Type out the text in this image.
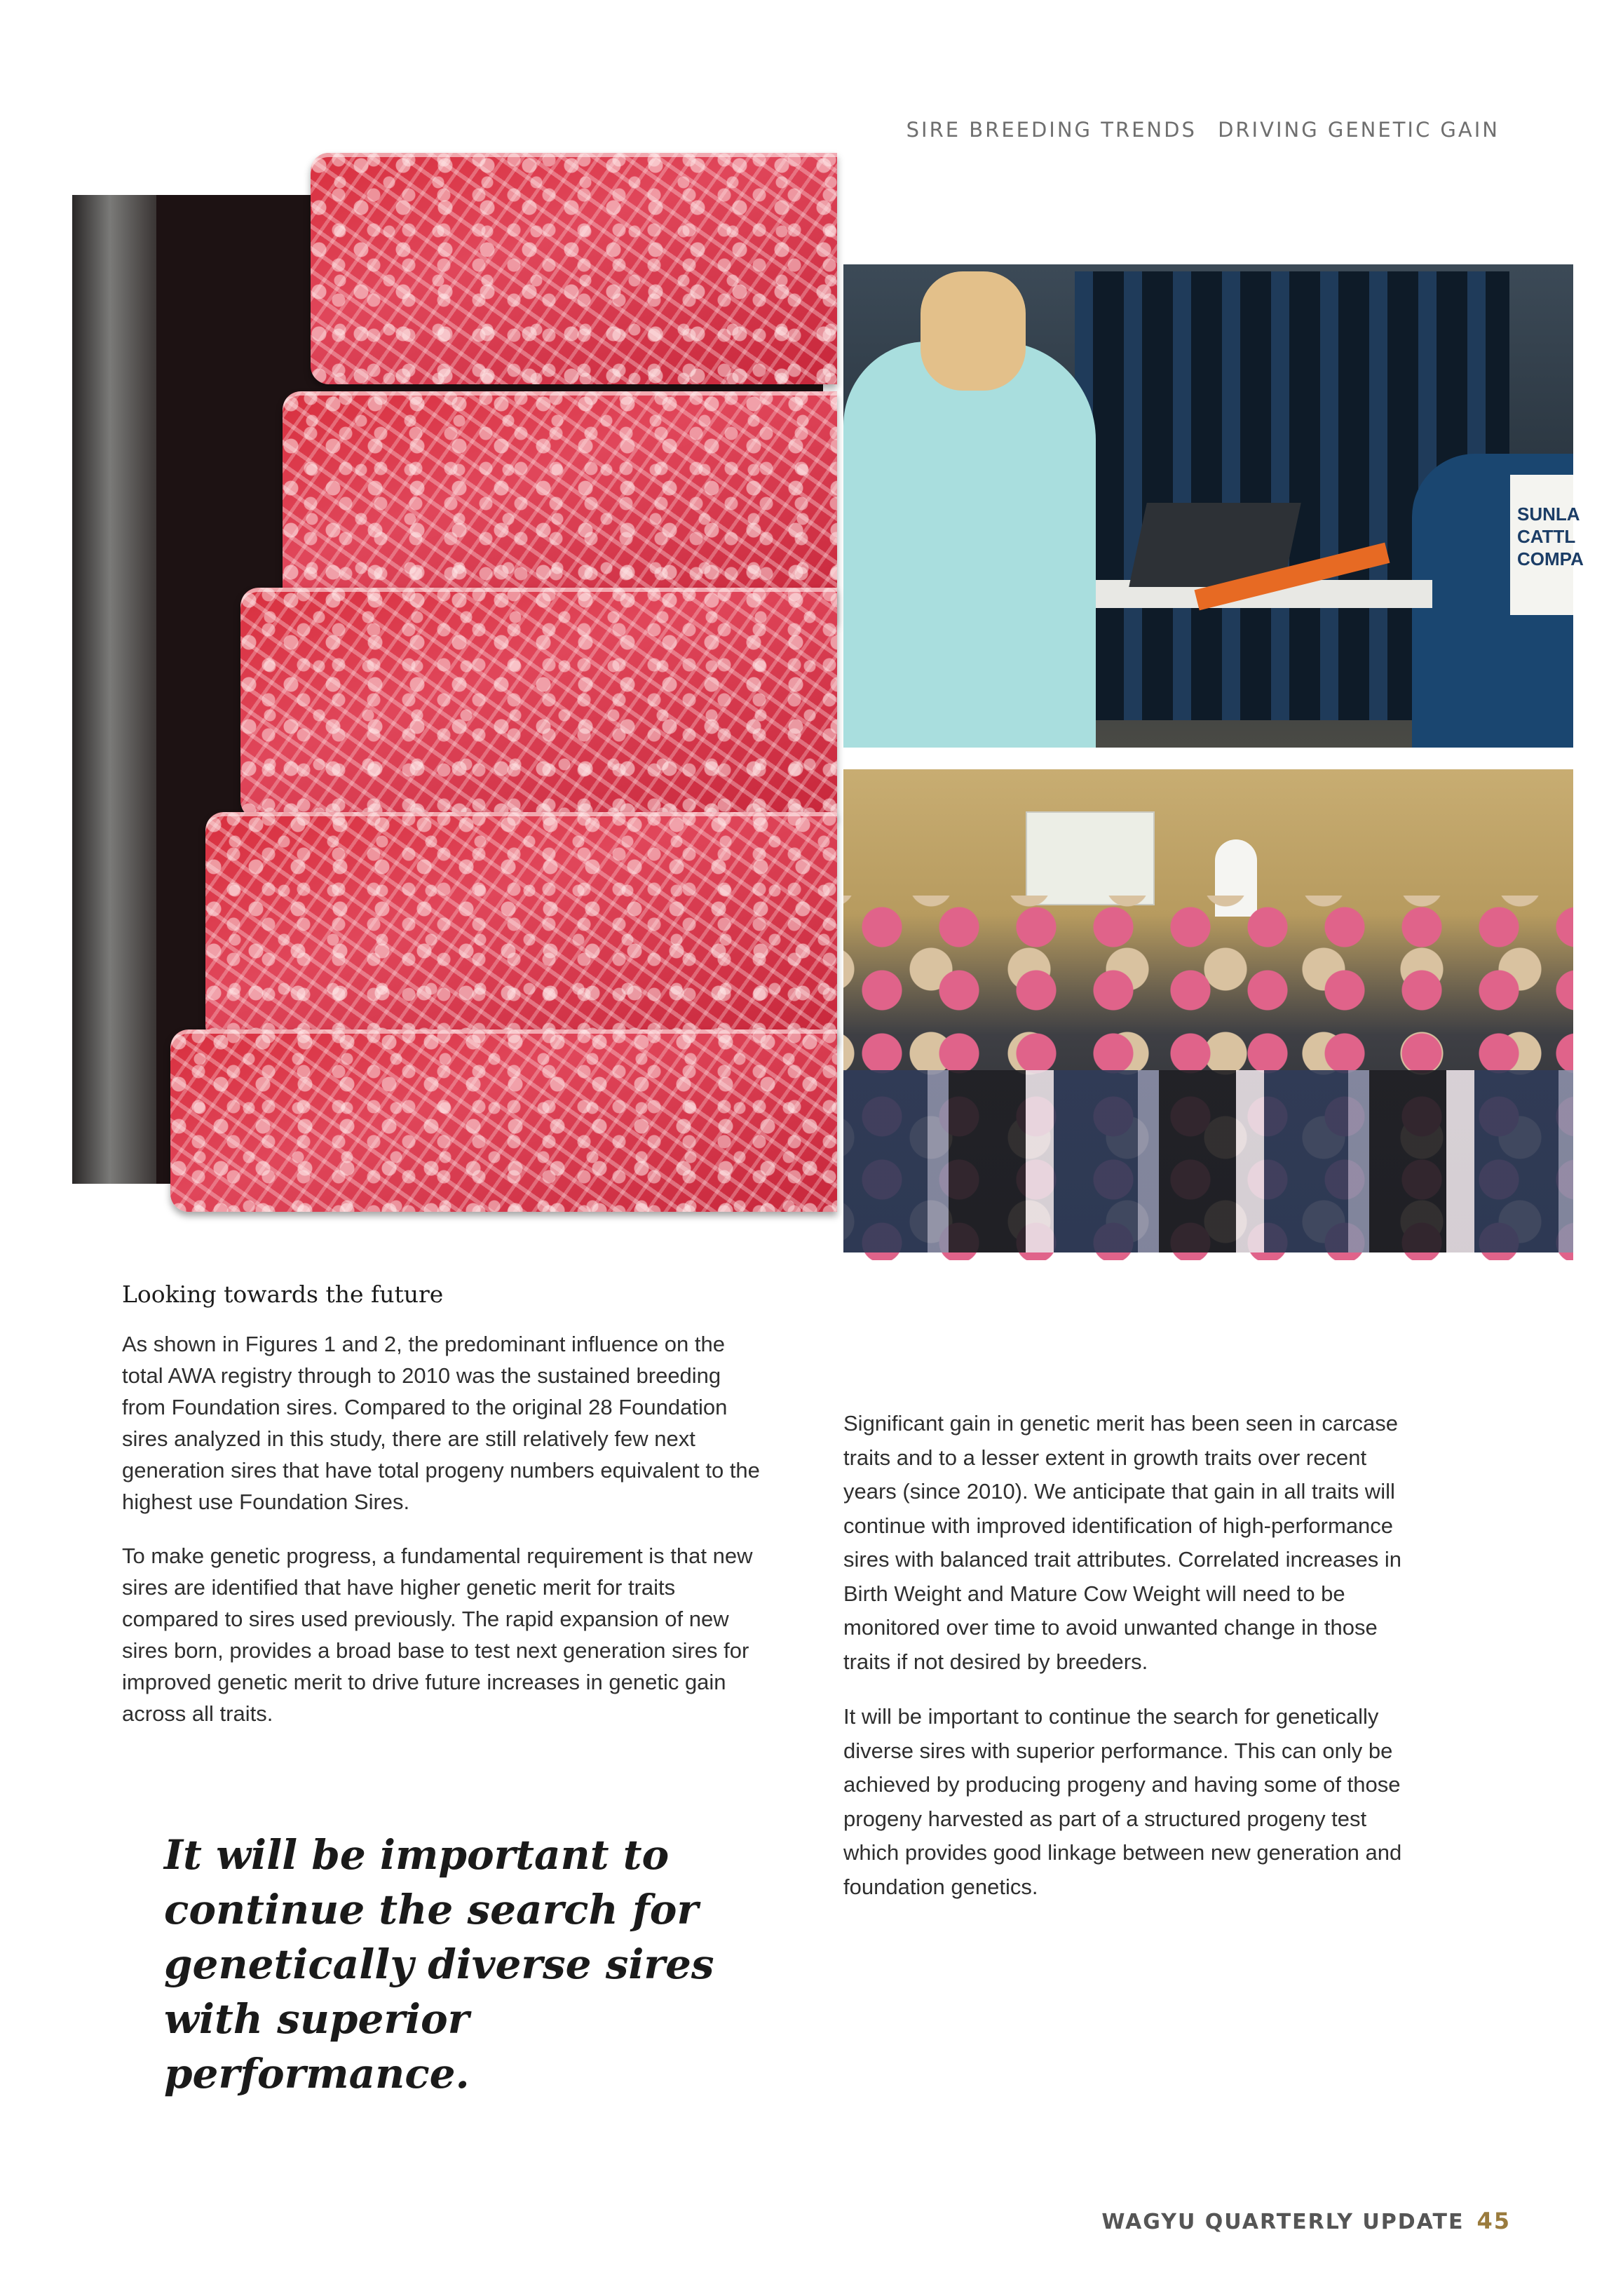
SIRE BREEDING TRENDS DRIVING GENETIC GAIN
SUNLA CATTL COMPA
Looking towards the future

As shown in Figures 1 and 2, the predominant influence on the total AWA registry through to 2010 was the sustained breeding from Foundation sires. Compared to the original 28 Foundation sires analyzed in this study, there are still relatively few next generation sires that have total progeny numbers equivalent to the highest use Foundation Sires.

To make genetic progress, a fundamental requirement is that new sires are identified that have higher genetic merit for traits compared to sires used previously. The rapid expansion of new sires born, provides a broad base to test next generation sires for improved genetic merit to drive future increases in genetic gain across all traits.

It will be important to continue the search for genetically diverse sires with superior performance.

Significant gain in genetic merit has been seen in carcase traits and to a lesser extent in growth traits over recent years (since 2010). We anticipate that gain in all traits will continue with improved identification of high-performance sires with balanced trait attributes. Correlated increases in Birth Weight and Mature Cow Weight will need to be monitored over time to avoid unwanted change in those traits if not desired by breeders.

It will be important to continue the search for genetically diverse sires with superior performance. This can only be achieved by producing progeny and having some of those progeny harvested as part of a structured progeny test which provides good linkage between new generation and foundation genetics.

WAGYU QUARTERLY UPDATE 45
